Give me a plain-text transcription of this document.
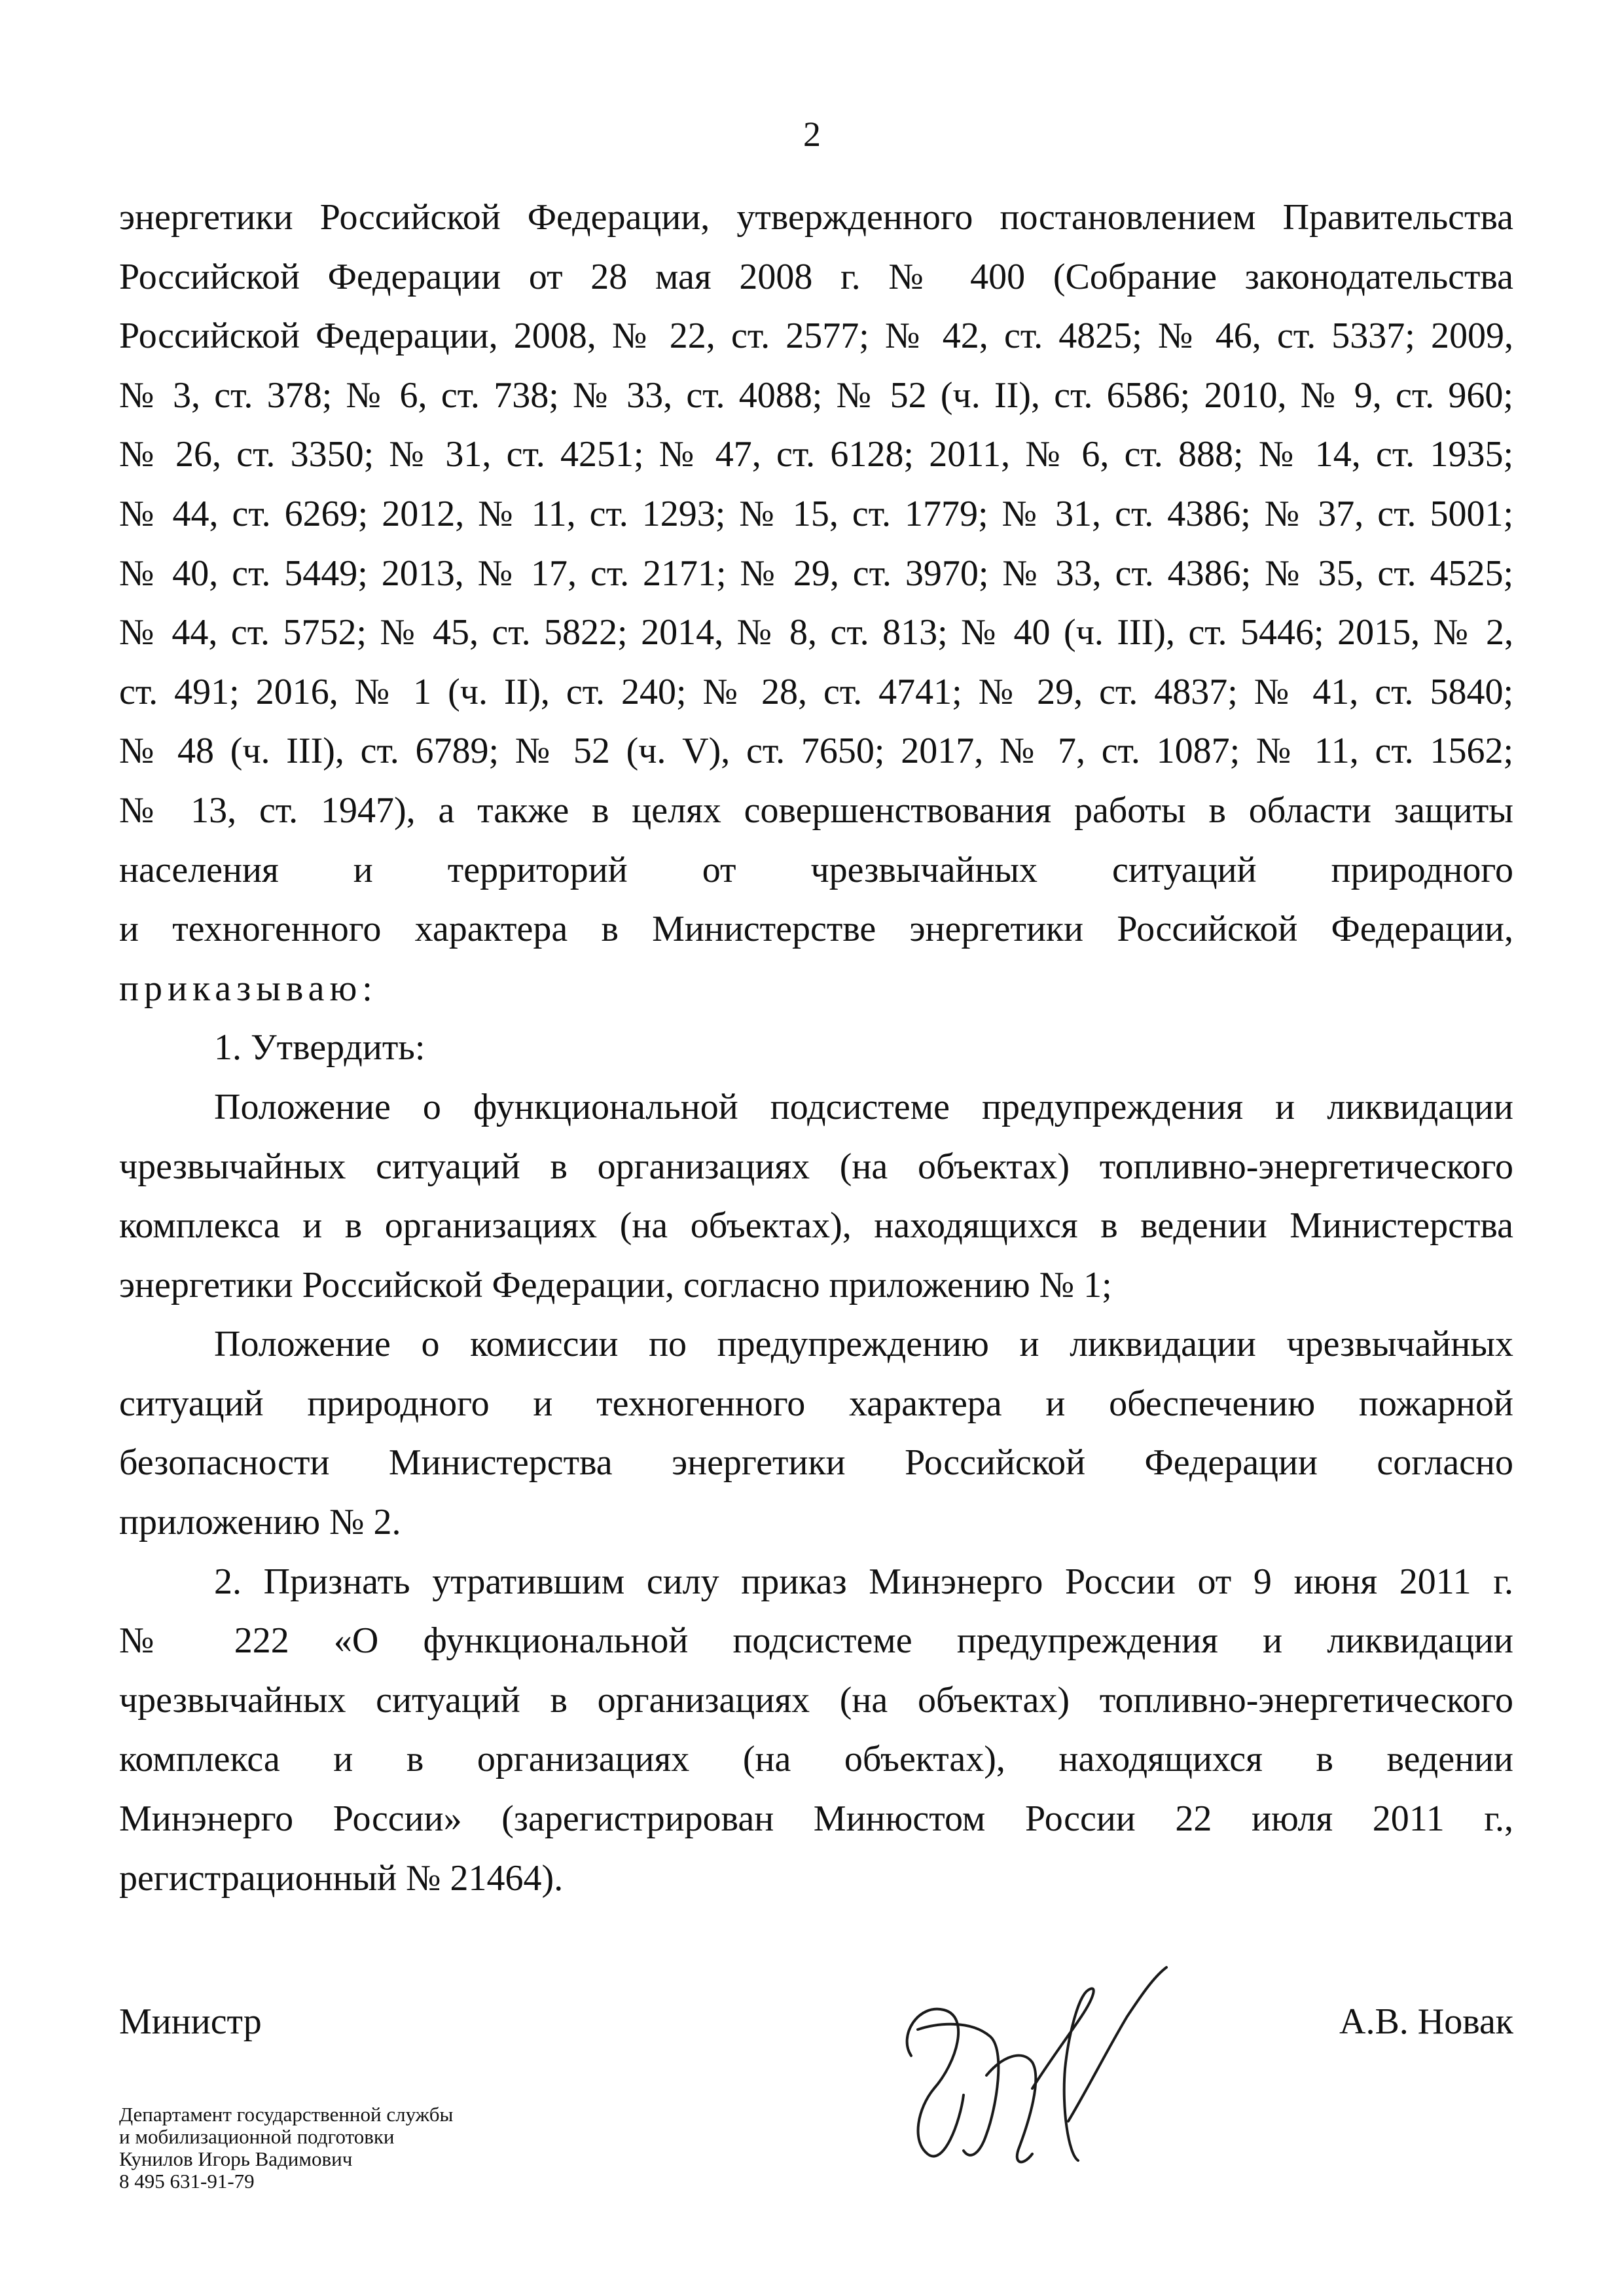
2
энергетики Российской Федерации, утвержденного постановлением Правительства
Российской Федерации от 28 мая 2008 г. № 400 (Собрание законодательства
Российской Федерации, 2008, № 22, ст. 2577; № 42, ст. 4825; № 46, ст. 5337; 2009,
№ 3, ст. 378; № 6, ст. 738; № 33, ст. 4088; № 52 (ч. II), ст. 6586; 2010, № 9, ст. 960;
№ 26, ст. 3350; № 31, ст. 4251; № 47, ст. 6128; 2011, № 6, ст. 888; № 14, ст. 1935;
№ 44, ст. 6269; 2012, № 11, ст. 1293; № 15, ст. 1779; № 31, ст. 4386; № 37, ст. 5001;
№ 40, ст. 5449; 2013, № 17, ст. 2171; № 29, ст. 3970; № 33, ст. 4386; № 35, ст. 4525;
№ 44, ст. 5752; № 45, ст. 5822; 2014, № 8, ст. 813; № 40 (ч. III), ст. 5446; 2015, № 2,
ст. 491; 2016, № 1 (ч. II), ст. 240; № 28, ст. 4741; № 29, ст. 4837; № 41, ст. 5840;
№ 48 (ч. III), ст. 6789; № 52 (ч. V), ст. 7650; 2017, № 7, ст. 1087; № 11, ст. 1562;
№ 13, ст. 1947), а также в целях совершенствования работы в области защиты
населения и территорий от чрезвычайных ситуаций природного
и техногенного характера в Министерстве энергетики Российской Федерации,
приказываю:
1. Утвердить:
Положение о функциональной подсистеме предупреждения и ликвидации
чрезвычайных ситуаций в организациях (на объектах) топливно-энергетического
комплекса и в организациях (на объектах), находящихся в ведении Министерства
энергетики Российской Федерации, согласно приложению № 1;
Положение о комиссии по предупреждению и ликвидации чрезвычайных
ситуаций природного и техногенного характера и обеспечению пожарной
безопасности Министерства энергетики Российской Федерации согласно
приложению № 2.
2. Признать утратившим силу приказ Минэнерго России от 9 июня 2011 г.
№ 222 «О функциональной подсистеме предупреждения и ликвидации
чрезвычайных ситуаций в организациях (на объектах) топливно-энергетического
комплекса и в организациях (на объектах), находящихся в ведении
Минэнерго России» (зарегистрирован Минюстом России 22 июля 2011 г.,
регистрационный № 21464).
Министр	А.В. Новак
Департамент государственной службы
и мобилизационной подготовки
Кунилов Игорь Вадимович
8 495 631-91-79
